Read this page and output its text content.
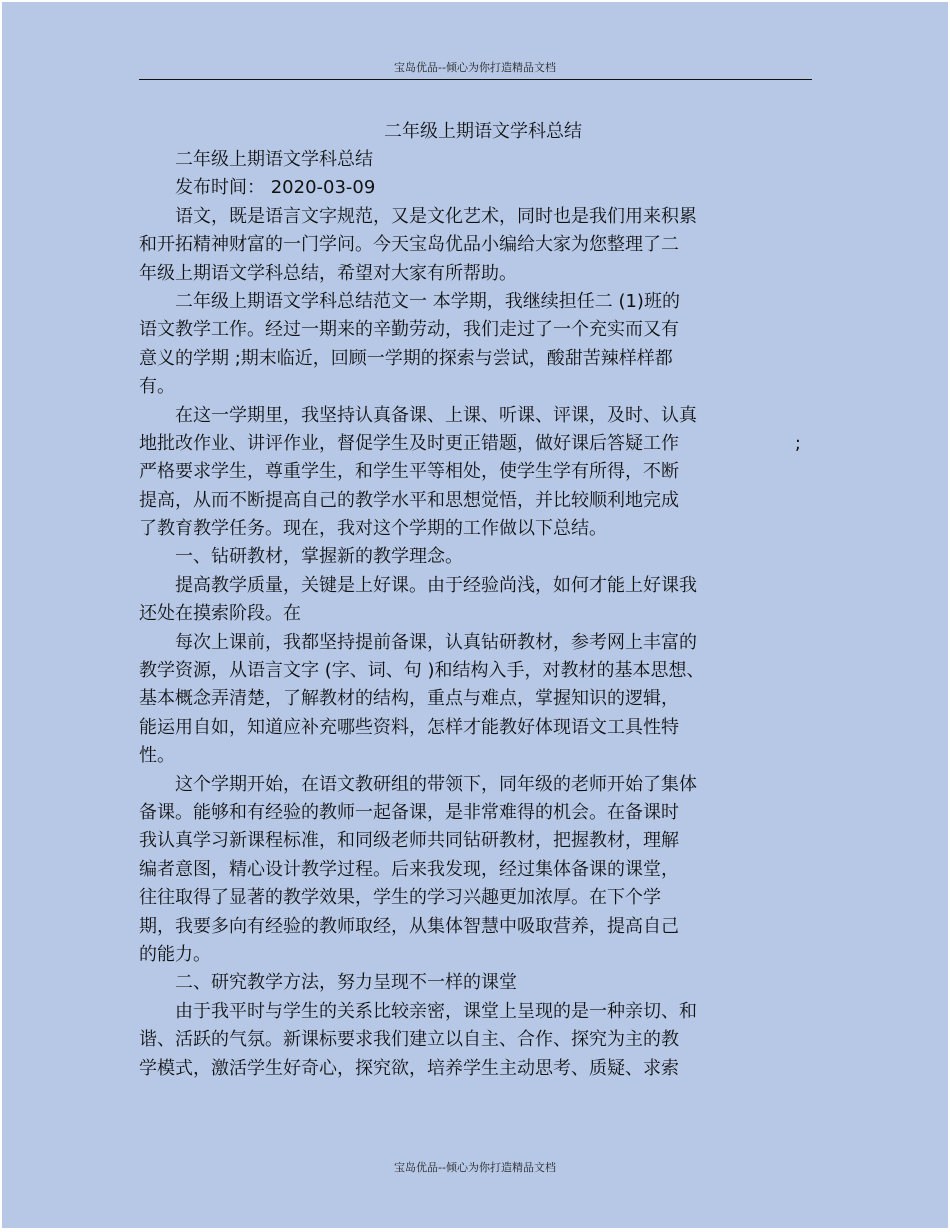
宝岛优品--倾心为你打造精品文档
二年级上期语文学科总结
二年级上期语文学科总结
发布时间： 2020-03-09
语文，既是语言文字规范，又是文化艺术，同时也是我们用来积累
和开拓精神财富的一门学问。今天宝岛优品小编给大家为您整理了二
年级上期语文学科总结，希望对大家有所帮助。
二年级上期语文学科总结范文一 本学期，我继续担任二 (1)班的
语文教学工作。经过一期来的辛勤劳动，我们走过了一个充实而又有
意义的学期 ;期末临近，回顾一学期的探索与尝试，酸甜苦辣样样都
有。
在这一学期里，我坚持认真备课、上课、听课、评课，及时、认真
地批改作业、讲评作业，督促学生及时更正错题，做好课后答疑工作	;
严格要求学生，尊重学生，和学生平等相处，使学生学有所得，不断
提高，从而不断提高自己的教学水平和思想觉悟，并比较顺利地完成
了教育教学任务。现在，我对这个学期的工作做以下总结。
一、钻研教材，掌握新的教学理念。
提高教学质量，关键是上好课。由于经验尚浅，如何才能上好课我
还处在摸索阶段。在
每次上课前，我都坚持提前备课，认真钻研教材，参考网上丰富的
教学资源，从语言文字 (字、词、句 )和结构入手，对教材的基本思想、
基本概念弄清楚，了解教材的结构，重点与难点，掌握知识的逻辑，
能运用自如，知道应补充哪些资料，怎样才能教好体现语文工具性特
性。
这个学期开始，在语文教研组的带领下，同年级的老师开始了集体
备课。能够和有经验的教师一起备课，是非常难得的机会。在备课时
我认真学习新课程标准，和同级老师共同钻研教材，把握教材，理解
编者意图，精心设计教学过程。后来我发现，经过集体备课的课堂，
往往取得了显著的教学效果，学生的学习兴趣更加浓厚。在下个学
期，我要多向有经验的教师取经，从集体智慧中吸取营养，提高自己
的能力。
二、研究教学方法，努力呈现不一样的课堂
由于我平时与学生的关系比较亲密，课堂上呈现的是一种亲切、和
谐、活跃的气氛。新课标要求我们建立以自主、合作、探究为主的教
学模式，激活学生好奇心，探究欲，培养学生主动思考、质疑、求索
宝岛优品--倾心为你打造精品文档
